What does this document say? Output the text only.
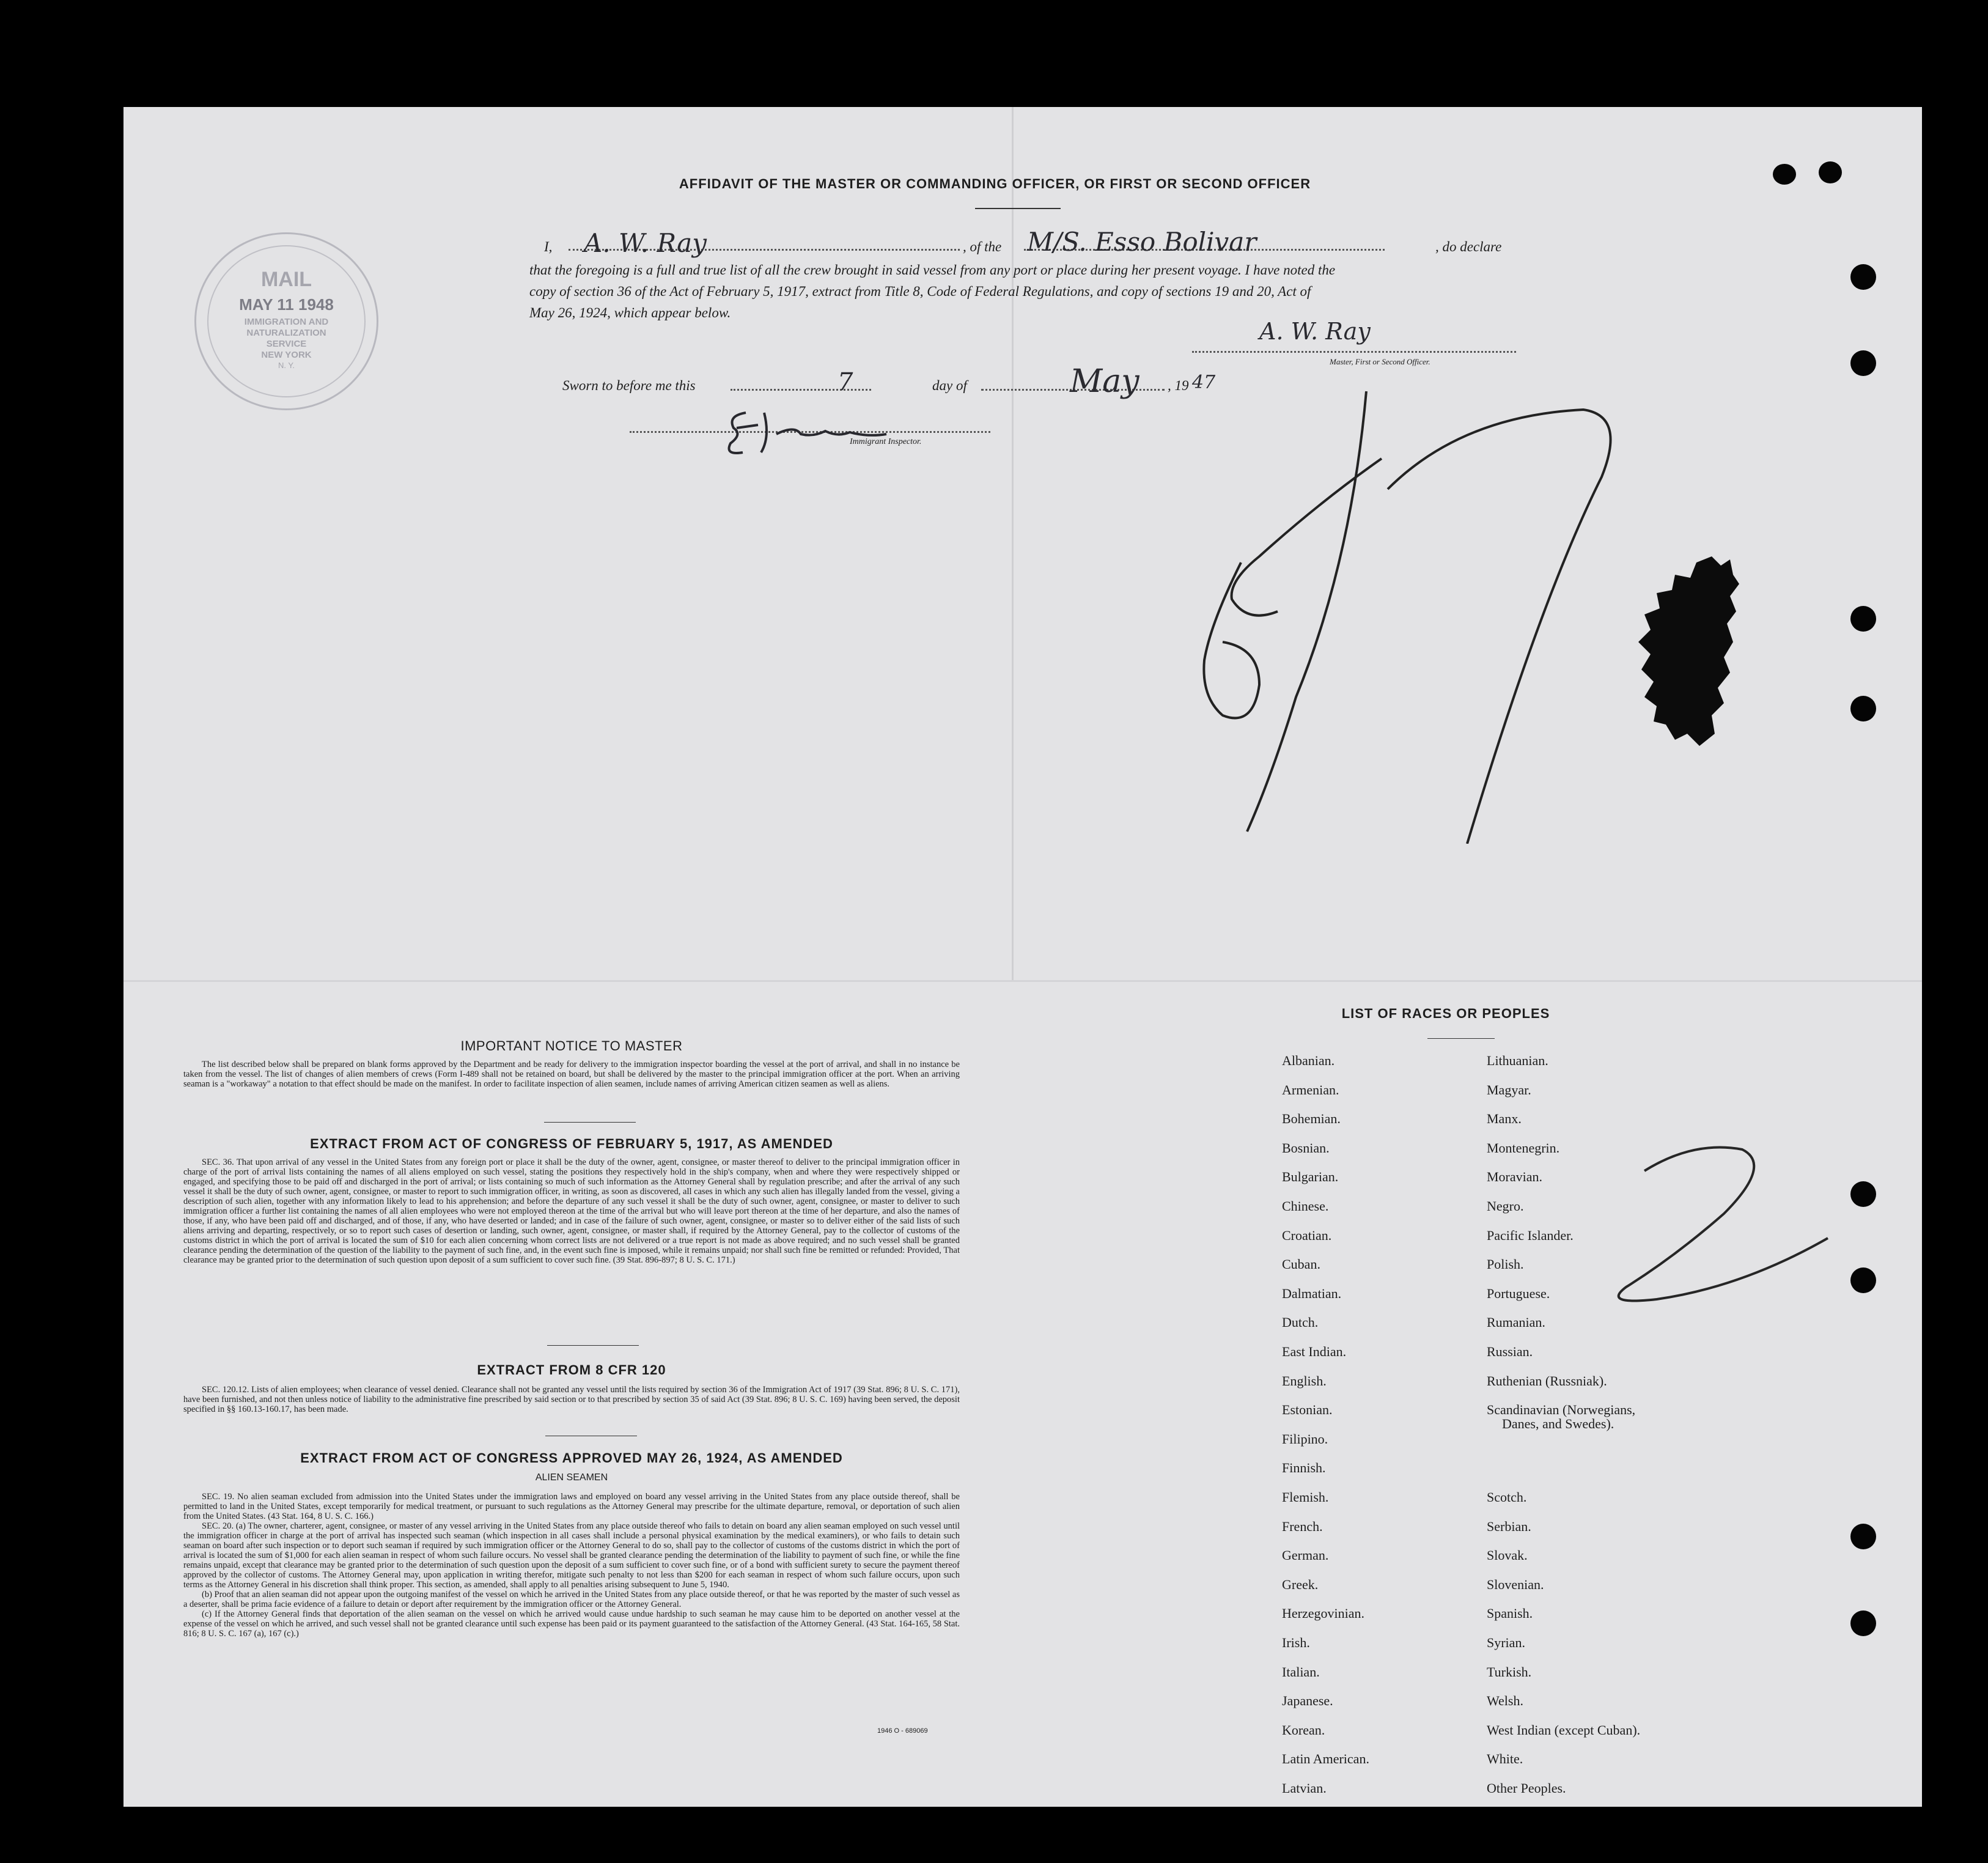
AFFIDAVIT OF THE MASTER OR COMMANDING OFFICER, OR FIRST OR SECOND OFFICER
I, A. W. Ray	, of the M/S. Esso Bolivar	, do declare
that the foregoing is a full and true list of all the crew brought in said vessel from any port or place during her present voyage. I have noted the
copy of section 36 of the Act of February 5, 1917, extract from Title 8, Code of Federal Regulations, and copy of sections 19 and 20, Act of
May 26, 1924, which appear below.
A. W. Ray
Master, First or Second Officer.
Sworn to before me this	7	day of	May , 19 47
Immigrant Inspector.
MAIL
MAY 11 1948
IMMIGRATION AND
NATURALIZATION
SERVICE
NEW YORK
N. Y.
IMPORTANT NOTICE TO MASTER
The list described below shall be prepared on blank forms approved by the Department and be ready for delivery to the immigration inspector boarding the vessel at the port of arrival, and shall in no instance be taken from the vessel. The list of changes of alien members of crews (Form I-489 shall not be retained on board, but shall be delivered by the master to the principal immigration officer at the port. When an arriving seaman is a "workaway" a notation to that effect should be made on the manifest. In order to facilitate inspection of alien seamen, include names of arriving American citizen seamen as well as aliens.
EXTRACT FROM ACT OF CONGRESS OF FEBRUARY 5, 1917, AS AMENDED
SEC. 36. That upon arrival of any vessel in the United States from any foreign port or place it shall be the duty of the owner, agent, consignee, or master thereof to deliver to the principal immigration officer in charge of the port of arrival lists containing the names of all aliens employed on such vessel, stating the positions they respectively hold in the ship's company, when and where they were respectively shipped or engaged, and specifying those to be paid off and discharged in the port of arrival; or lists containing so much of such information as the Attorney General shall by regulation prescribe; and after the arrival of any such vessel it shall be the duty of such owner, agent, consignee, or master to report to such immigration officer, in writing, as soon as discovered, all cases in which any such alien has illegally landed from the vessel, giving a description of such alien, together with any information likely to lead to his apprehension; and before the departure of any such vessel it shall be the duty of such owner, agent, consignee, or master to deliver to such immigration officer a further list containing the names of all alien employees who were not employed thereon at the time of the arrival but who will leave port thereon at the time of her departure, and also the names of those, if any, who have been paid off and discharged, and of those, if any, who have deserted or landed; and in case of the failure of such owner, agent, consignee, or master so to deliver either of the said lists of such aliens arriving and departing, respectively, or so to report such cases of desertion or landing, such owner, agent, consignee, or master shall, if required by the Attorney General, pay to the collector of customs of the customs district in which the port of arrival is located the sum of $10 for each alien concerning whom correct lists are not delivered or a true report is not made as above required; and no such vessel shall be granted clearance pending the determination of the question of the liability to the payment of such fine, and, in the event such fine is imposed, while it remains unpaid; nor shall such fine be remitted or refunded: Provided, That clearance may be granted prior to the determination of such question upon deposit of a sum sufficient to cover such fine. (39 Stat. 896-897; 8 U. S. C. 171.)
EXTRACT FROM 8 CFR 120
SEC. 120.12. Lists of alien employees; when clearance of vessel denied. Clearance shall not be granted any vessel until the lists required by section 36 of the Immigration Act of 1917 (39 Stat. 896; 8 U. S. C. 171), have been furnished, and not then unless notice of liability to the administrative fine prescribed by said section or to that prescribed by section 35 of said Act (39 Stat. 896; 8 U. S. C. 169) having been served, the deposit specified in §§ 160.13-160.17, has been made.
EXTRACT FROM ACT OF CONGRESS APPROVED MAY 26, 1924, AS AMENDED
ALIEN SEAMEN
SEC. 19. No alien seaman excluded from admission into the United States under the immigration laws and employed on board any vessel arriving in the United States from any place outside thereof, shall be permitted to land in the United States, except temporarily for medical treatment, or pursuant to such regulations as the Attorney General may prescribe for the ultimate departure, removal, or deportation of such alien from the United States. (43 Stat. 164, 8 U. S. C. 166.)
SEC. 20. (a) The owner, charterer, agent, consignee, or master of any vessel arriving in the United States from any place outside thereof who fails to detain on board any alien seaman employed on such vessel until the immigration officer in charge at the port of arrival has inspected such seaman (which inspection in all cases shall include a personal physical examination by the medical examiners), or who fails to detain such seaman on board after such inspection or to deport such seaman if required by such immigration officer or the Attorney General to do so, shall pay to the collector of customs of the customs district in which the port of arrival is located the sum of $1,000 for each alien seaman in respect of whom such failure occurs. No vessel shall be granted clearance pending the determination of the liability to payment of such fine, or while the fine remains unpaid, except that clearance may be granted prior to the determination of such question upon the deposit of a sum sufficient to cover such fine, or of a bond with sufficient surety to secure the payment thereof approved by the collector of customs. The Attorney General may, upon application in writing therefor, mitigate such penalty to not less than $200 for each seaman in respect of whom such failure occurs, upon such terms as the Attorney General in his discretion shall think proper. This section, as amended, shall apply to all penalties arising subsequent to June 5, 1940.
(b) Proof that an alien seaman did not appear upon the outgoing manifest of the vessel on which he arrived in the United States from any place outside thereof, or that he was reported by the master of such vessel as a deserter, shall be prima facie evidence of a failure to detain or deport after requirement by the immigration officer or the Attorney General.
(c) If the Attorney General finds that deportation of the alien seaman on the vessel on which he arrived would cause undue hardship to such seaman he may cause him to be deported on another vessel at the expense of the vessel on which he arrived, and such vessel shall not be granted clearance until such expense has been paid or its payment guaranteed to the satisfaction of the Attorney General. (43 Stat. 164-165, 58 Stat. 816; 8 U. S. C. 167 (a), 167 (c).)
1946 O - 689069
LIST OF RACES OR PEOPLES
Albanian.
Armenian.
Bohemian.
Bosnian.
Bulgarian.
Chinese.
Croatian.
Cuban.
Dalmatian.
Dutch.
East Indian.
English.
Estonian.
Filipino.
Finnish.
Flemish.
French.
German.
Greek.
Herzegovinian.
Irish.
Italian.
Japanese.
Korean.
Latin American.
Latvian.
Lithuanian.
Magyar.
Manx.
Montenegrin.
Moravian.
Negro.
Pacific Islander.
Polish.
Portuguese.
Rumanian.
Russian.
Ruthenian (Russniak).
Scandinavian (Norwegians,
Danes, and Swedes).
Scotch.
Serbian.
Slovak.
Slovenian.
Spanish.
Syrian.
Turkish.
Welsh.
West Indian (except Cuban).
White.
Other Peoples.
